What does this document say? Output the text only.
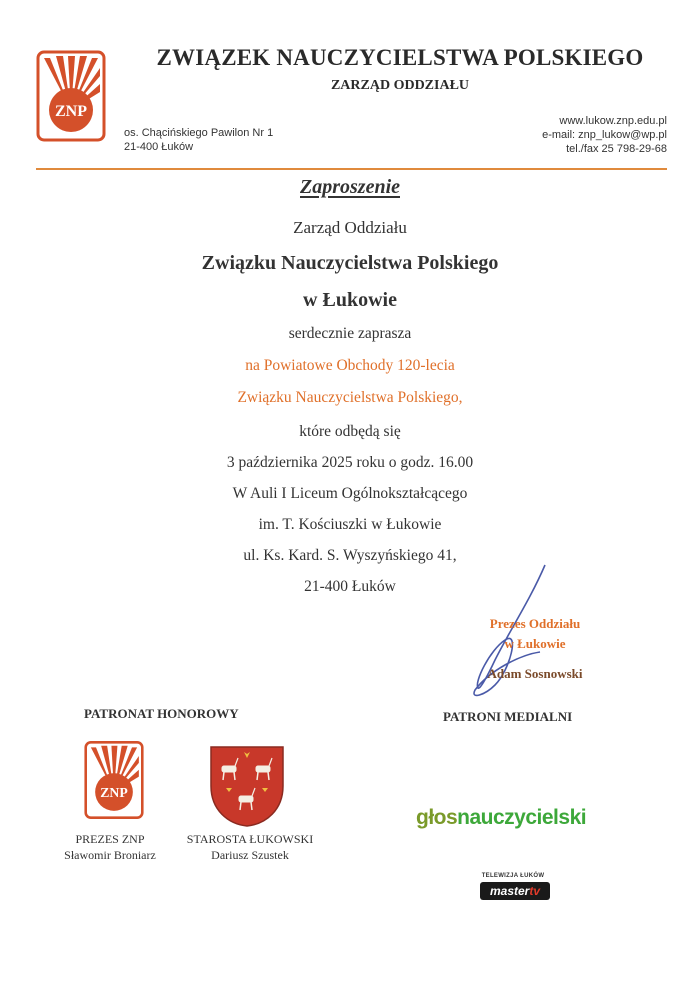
ZNP
ZWIĄZEK NAUCZYCIELSTWA POLSKIEGO
ZARZĄD ODDZIAŁU
os. Chącińskiego Pawilon Nr 1
21-400 Łuków
www.lukow.znp.edu.pl
e-mail: znp_lukow@wp.pl
tel./fax 25 798-29-68
Zaproszenie
Zarząd Oddziału
Związku Nauczycielstwa Polskiego
w Łukowie
serdecznie zaprasza
na Powiatowe Obchody 120-lecia
Związku Nauczycielstwa Polskiego,
które odbędą się
3 października 2025 roku o godz. 16.00
W Auli I Liceum Ogólnokształcącego
im. T. Kościuszki w Łukowie
ul. Ks. Kard. S. Wyszyńskiego 41,
21-400 Łuków
Prezes Oddziału
w Łukowie
Adam Sosnowski
PATRONAT HONOROWY	PATRONI MEDIALNI
ZNP
PREZES ZNP
Sławomir Broniarz
STAROSTA ŁUKOWSKI
Dariusz Szustek
głosnauczycielski
TELEWIZJA ŁUKÓW
mastertv
